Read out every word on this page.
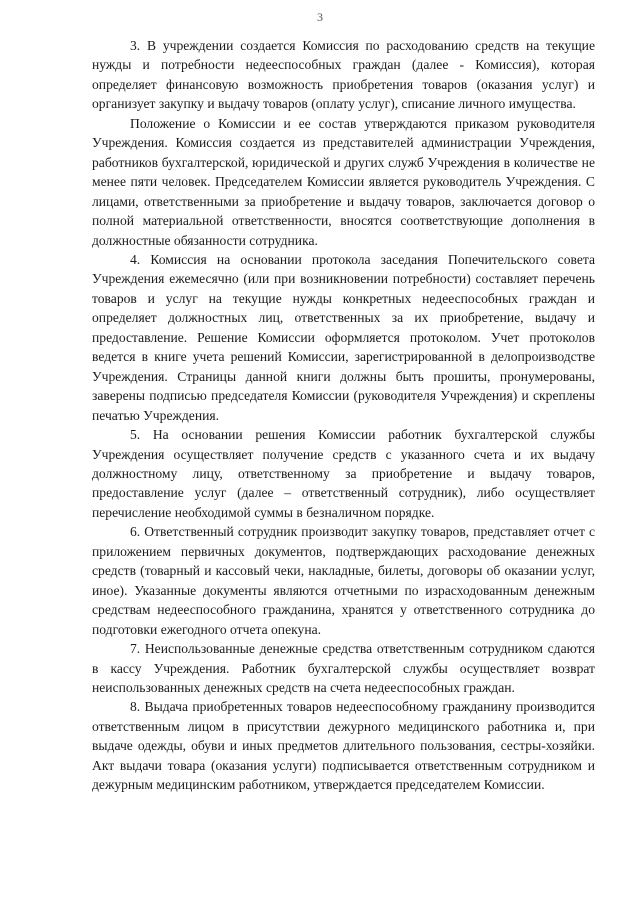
3

3. В учреждении создается Комиссия по расходованию средств на текущие нужды и потребности недееспособных граждан (далее - Комиссия), которая определяет финансовую возможность приобретения товаров (оказания услуг) и организует закупку и выдачу товаров (оплату услуг), списание личного имущества.

Положение о Комиссии и ее состав утверждаются приказом руководителя Учреждения. Комиссия создается из представителей администрации Учреждения, работников бухгалтерской, юридической и других служб Учреждения в количестве не менее пяти человек. Председателем Комиссии является руководитель Учреждения. С лицами, ответственными за приобретение и выдачу товаров, заключается договор о полной материальной ответственности, вносятся соответствующие дополнения в должностные обязанности сотрудника.

4. Комиссия на основании протокола заседания Попечительского совета Учреждения ежемесячно (или при возникновении потребности) составляет перечень товаров и услуг на текущие нужды конкретных недееспособных граждан и определяет должностных лиц, ответственных за их приобретение, выдачу и предоставление. Решение Комиссии оформляется протоколом. Учет протоколов ведется в книге учета решений Комиссии, зарегистрированной в делопроизводстве Учреждения. Страницы данной книги должны быть прошиты, пронумерованы, заверены подписью председателя Комиссии (руководителя Учреждения) и скреплены печатью Учреждения.

5. На основании решения Комиссии работник бухгалтерской службы Учреждения осуществляет получение средств с указанного счета и их выдачу должностному лицу, ответственному за приобретение и выдачу товаров, предоставление услуг (далее – ответственный сотрудник), либо осуществляет перечисление необходимой суммы в безналичном порядке.

6. Ответственный сотрудник производит закупку товаров, представляет отчет с приложением первичных документов, подтверждающих расходование денежных средств (товарный и кассовый чеки, накладные, билеты, договоры об оказании услуг, иное). Указанные документы являются отчетными по израсходованным денежным средствам недееспособного гражданина, хранятся у ответственного сотрудника до подготовки ежегодного отчета опекуна.

7. Неиспользованные денежные средства ответственным сотрудником сдаются в кассу Учреждения. Работник бухгалтерской службы осуществляет возврат неиспользованных денежных средств на счета недееспособных граждан.

8. Выдача приобретенных товаров недееспособному гражданину производится ответственным лицом в присутствии дежурного медицинского работника и, при выдаче одежды, обуви и иных предметов длительного пользования, сестры-хозяйки. Акт выдачи товара (оказания услуги) подписывается ответственным сотрудником и дежурным медицинским работником, утверждается председателем Комиссии.
